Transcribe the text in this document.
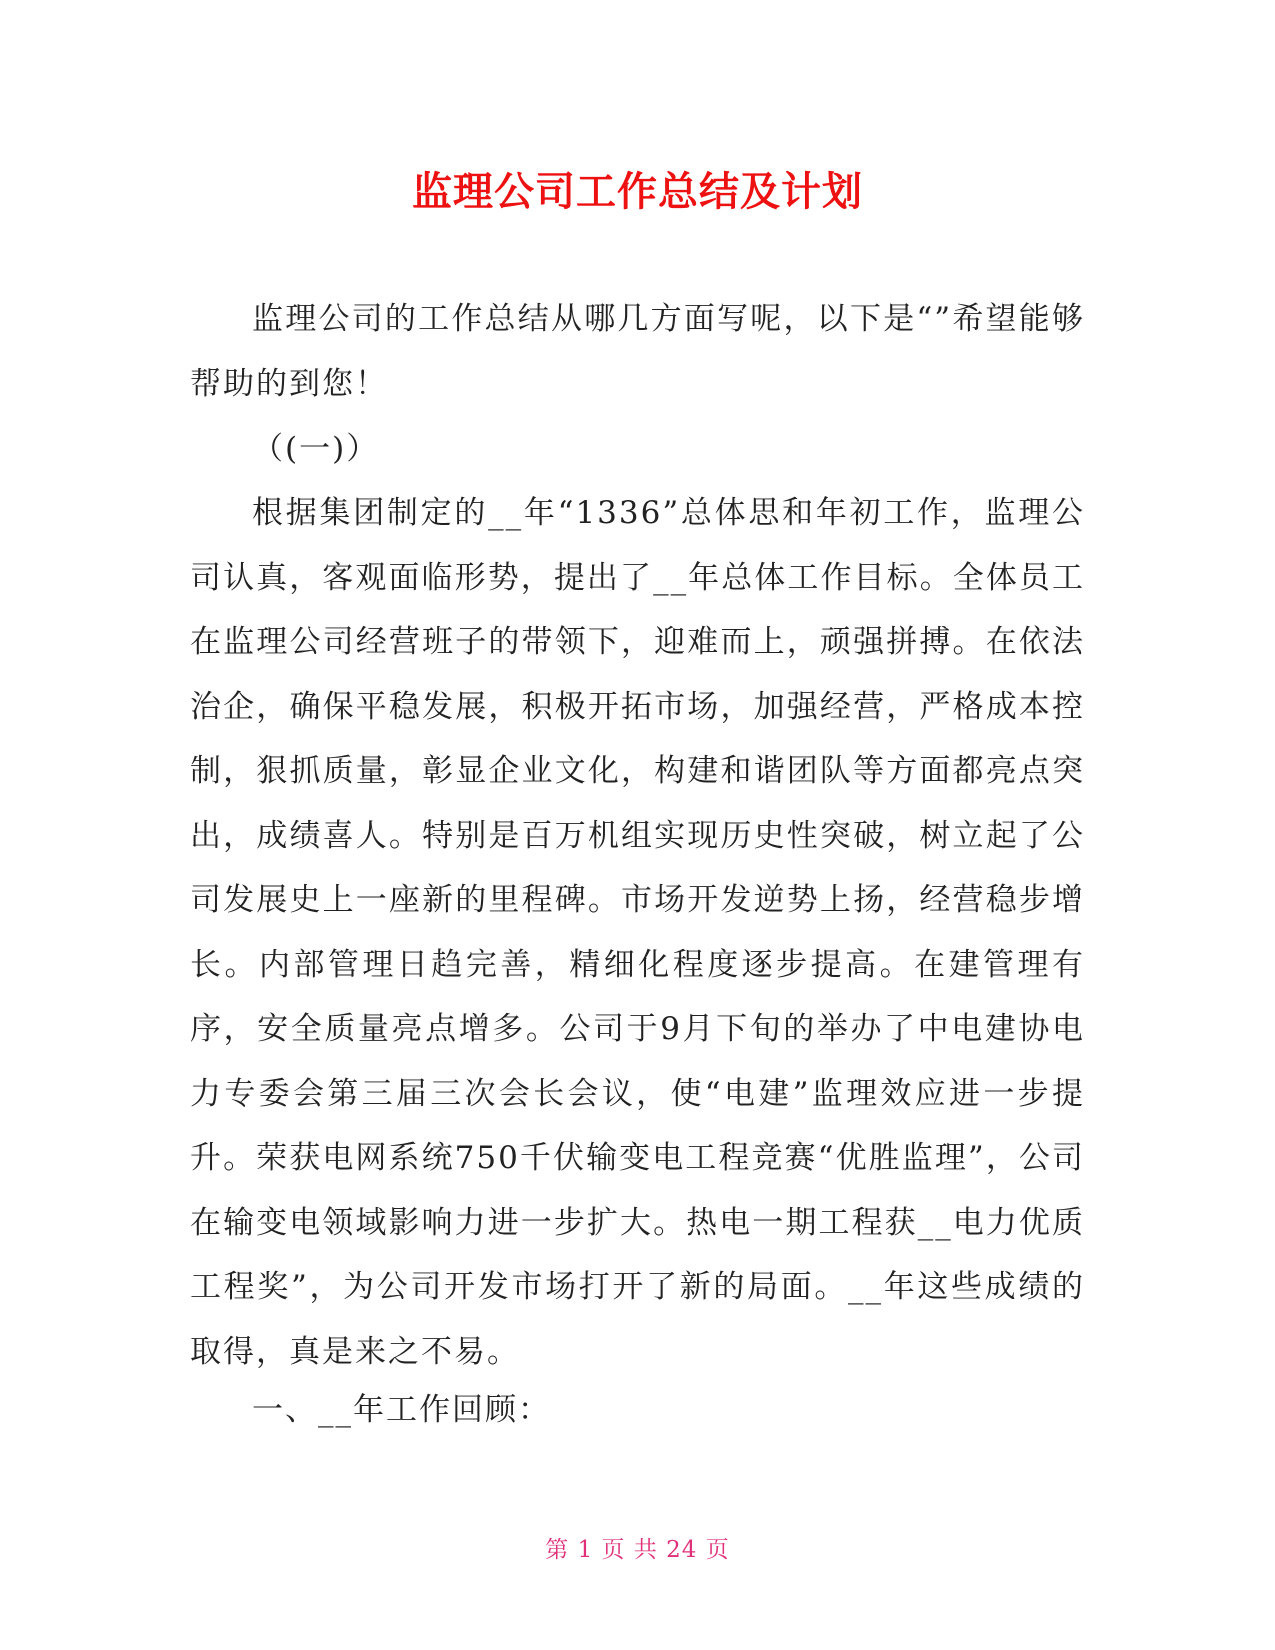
监理公司工作总结及计划

监理公司的工作总结从哪几方面写呢，以下是“”希望能够帮助的到您！

（(一)）

根据集团制定的__年“1336”总体思和年初工作，监理公司认真，客观面临形势，提出了__年总体工作目标。全体员工在监理公司经营班子的带领下，迎难而上，顽强拼搏。在依法治企，确保平稳发展，积极开拓市场，加强经营，严格成本控制，狠抓质量，彰显企业文化，构建和谐团队等方面都亮点突出，成绩喜人。特别是百万机组实现历史性突破，树立起了公司发展史上一座新的里程碑。市场开发逆势上扬，经营稳步增长。内部管理日趋完善，精细化程度逐步提高。在建管理有序，安全质量亮点增多。公司于9月下旬的举办了中电建协电力专委会第三届三次会长会议，使“电建”监理效应进一步提升。荣获电网系统750千伏输变电工程竞赛“优胜监理”，公司在输变电领域影响力进一步扩大。热电一期工程获__电力优质工程奖”，为公司开发市场打开了新的局面。__年这些成绩的取得，真是来之不易。

一、__年工作回顾：

第 1 页 共 24 页
